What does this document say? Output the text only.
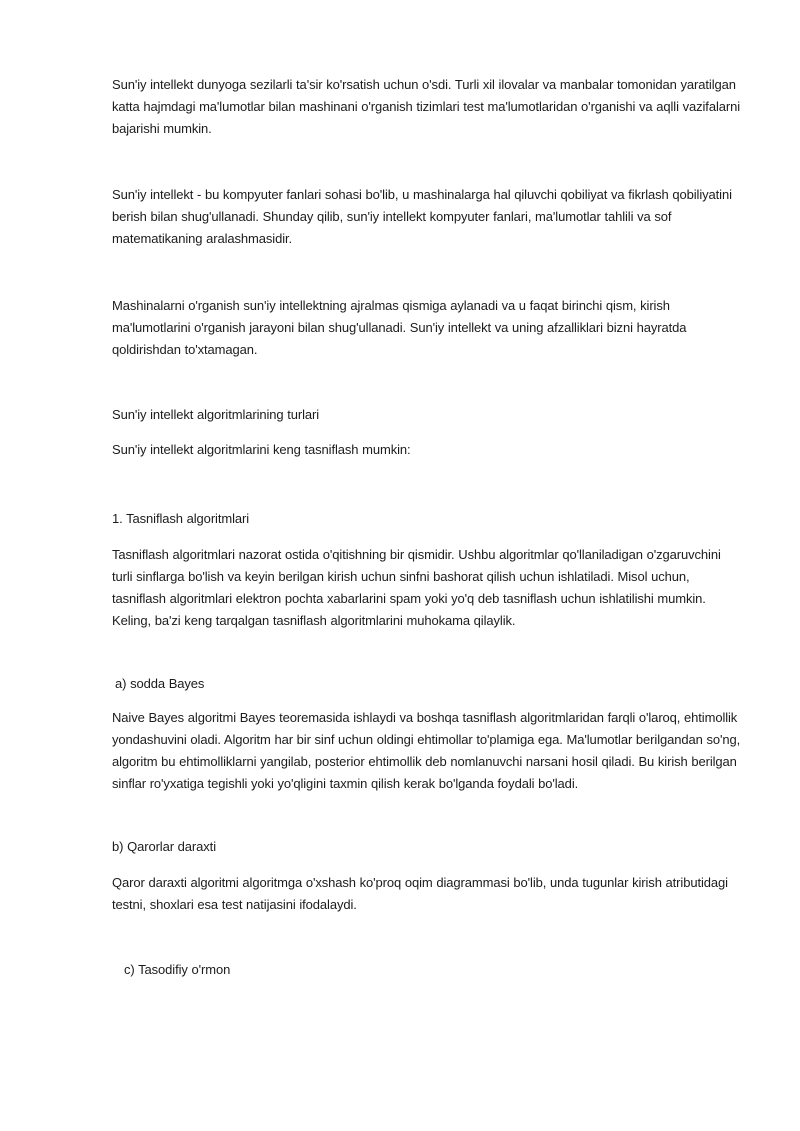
Sun'iy intellekt dunyoga sezilarli ta'sir ko'rsatish uchun o'sdi. Turli xil ilovalar va manbalar tomonidan yaratilgan katta hajmdagi ma'lumotlar bilan mashinani o'rganish tizimlari test ma'lumotlaridan o'rganishi va aqlli vazifalarni bajarishi mumkin.

Sun'iy intellekt - bu kompyuter fanlari sohasi bo'lib, u mashinalarga hal qiluvchi qobiliyat va fikrlash qobiliyatini berish bilan shug'ullanadi. Shunday qilib, sun'iy intellekt kompyuter fanlari, ma'lumotlar tahlili va sof matematikaning aralashmasidir.

Mashinalarni o'rganish sun'iy intellektning ajralmas qismiga aylanadi va u faqat birinchi qism, kirish ma'lumotlarini o'rganish jarayoni bilan shug'ullanadi. Sun'iy intellekt va uning afzalliklari bizni hayratda qoldirishdan to'xtamagan.

Sun'iy intellekt algoritmlarining turlari

Sun'iy intellekt algoritmlarini keng tasniflash mumkin:

1. Tasniflash algoritmlari

Tasniflash algoritmlari nazorat ostida o'qitishning bir qismidir. Ushbu algoritmlar qo'llaniladigan o'zgaruvchini turli sinflarga bo'lish va keyin berilgan kirish uchun sinfni bashorat qilish uchun ishlatiladi. Misol uchun, tasniflash algoritmlari elektron pochta xabarlarini spam yoki yo'q deb tasniflash uchun ishlatilishi mumkin. Keling, ba'zi keng tarqalgan tasniflash algoritmlarini muhokama qilaylik.

a) sodda Bayes

Naive Bayes algoritmi Bayes teoremasida ishlaydi va boshqa tasniflash algoritmlaridan farqli o'laroq, ehtimollik yondashuvini oladi. Algoritm har bir sinf uchun oldingi ehtimollar to'plamiga ega. Ma'lumotlar berilgandan so'ng, algoritm bu ehtimolliklarni yangilab, posterior ehtimollik deb nomlanuvchi narsani hosil qiladi. Bu kirish berilgan sinflar ro'yxatiga tegishli yoki yo'qligini taxmin qilish kerak bo'lganda foydali bo'ladi.

b) Qarorlar daraxti

Qaror daraxti algoritmi algoritmga o'xshash ko'proq oqim diagrammasi bo'lib, unda tugunlar kirish atributidagi testni, shoxlari esa test natijasini ifodalaydi.

c) Tasodifiy o'rmon
